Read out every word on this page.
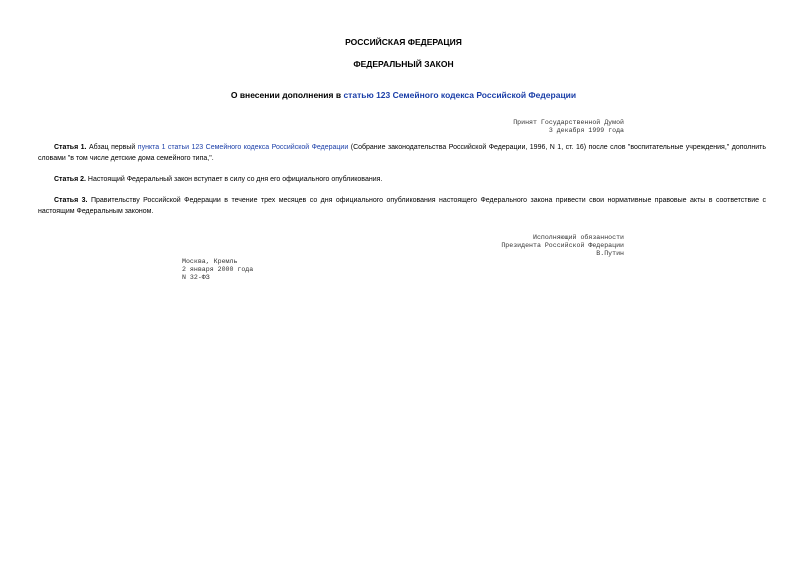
РОССИЙСКАЯ ФЕДЕРАЦИЯ
ФЕДЕРАЛЬНЫЙ ЗАКОН
О внесении дополнения в статью 123 Семейного кодекса Российской Федерации
Принят Государственной Думой
3 декабря 1999 года
Статья 1. Абзац первый пункта 1 статьи 123 Семейного кодекса Российской Федерации (Собрание законодательства Российской Федерации, 1996, N 1, ст. 16) после слов "воспитательные учреждения," дополнить словами "в том числе детские дома семейного типа,".
Статья 2. Настоящий Федеральный закон вступает в силу со дня его официального опубликования.
Статья 3. Правительству Российской Федерации в течение трех месяцев со дня официального опубликования настоящего Федерального закона привести свои нормативные правовые акты в соответствие с настоящим Федеральным законом.
Исполняющий обязанности
Президента Российской Федерации
В.Путин
Москва, Кремль
2 января 2000 года
N 32-ФЗ
